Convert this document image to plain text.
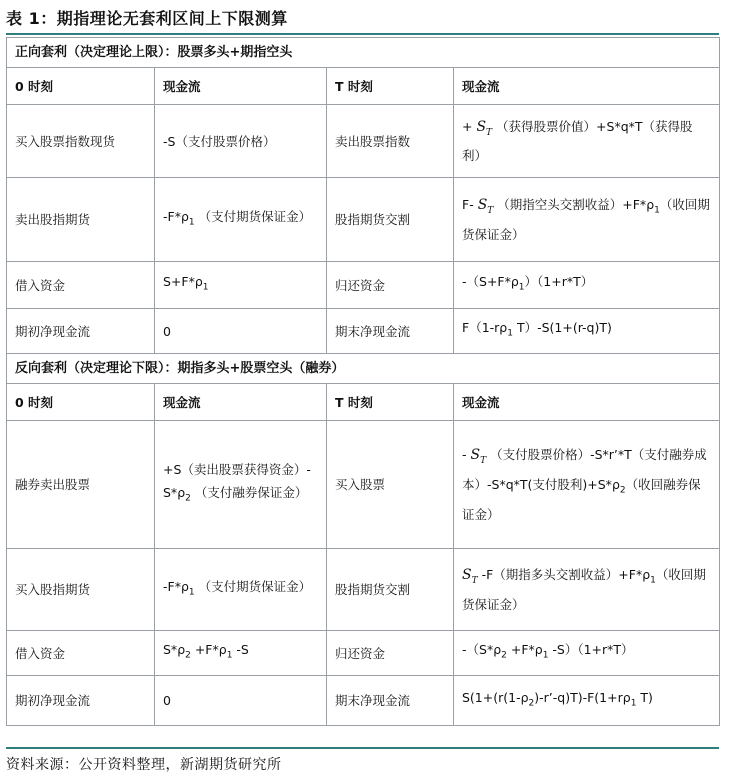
表 1：期指理论无套利区间上下限测算
正向套利（决定理论上限）：股票多头+期指空头			
0 时刻	现金流	T 时刻	现金流
买入股票指数现货	-S（支付股票价格）	卖出股票指数	+ $S_T$ （获得股票价值）+S*q*T（获得股利）
卖出股指期货	$-F*\rho_1$ （支付期货保证金）	股指期货交割	F- $S_T$ （期指空头交割收益）$+F*\rho_1$（收回期货保证金）
借入资金	$S+F*\rho_1$	归还资金	$-(S+F*\rho_1)(1+r*T)$
期初净现金流	0	期末净现金流	$F(1-r\rho_1$ T）-S(1+(r-q)T)
反向套利（决定理论下限）：期指多头+股票空头（融券）			
0 时刻	现金流	T 时刻	现金流
融券卖出股票	+S（卖出股票获得资金）$-S*\rho_2$ （支付融券保证金）	买入股票	- $S_T$ （支付股票价格）-S*r’*T（支付融券成本）-S*q*T(支付股利)$+S*\rho_2$（收回融券保证金）
买入股指期货	$-F*\rho_1$ （支付期货保证金）	股指期货交割	$S_T$ -F（期指多头交割收益）$+F*\rho_1$（收回期货保证金）
借入资金	$S*\rho_2 +F*\rho_1$ -S	归还资金	$-(S*\rho_2 +F*\rho_1$ -S）（1+r*T）
期初净现金流	0	期末净现金流	$S(1+(r(1-\rho_2)-r’-q)T)-F(1+r\rho_1$ T)
资料来源：公开资料整理，新湖期货研究所
